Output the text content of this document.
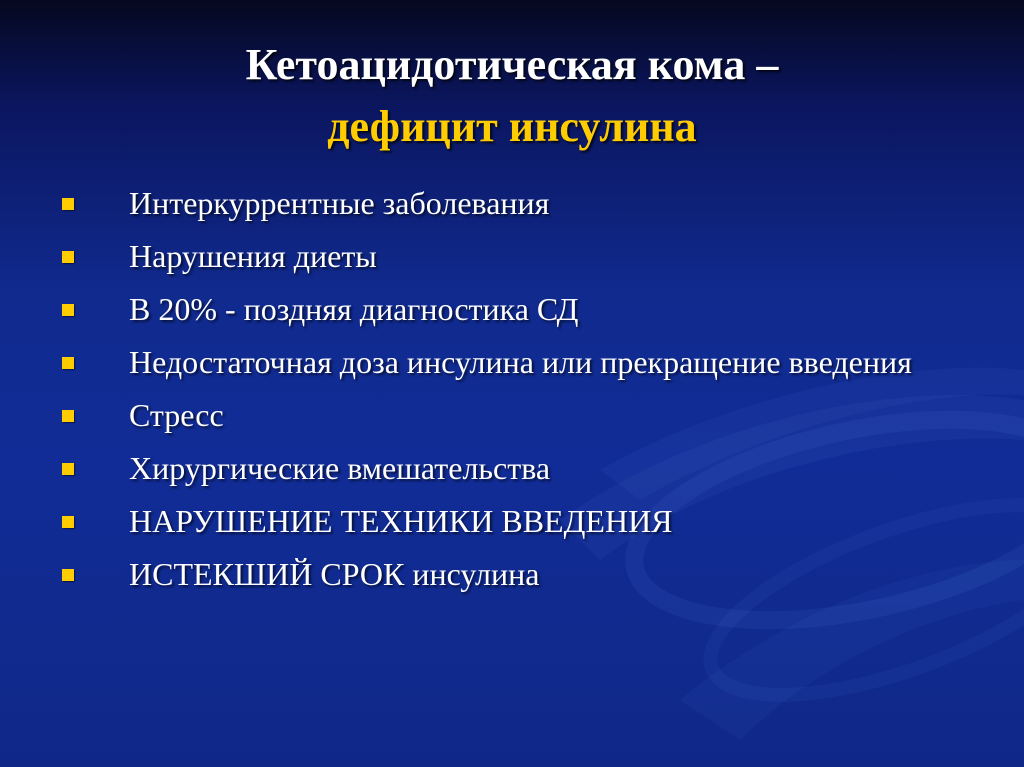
Кетоацидотическая кома –
дефицит инсулина
Интеркуррентные заболевания
Нарушения диеты
В 20% - поздняя диагностика СД
Недостаточная доза инсулина или прекращение введения
Стресс
Хирургические вмешательства
НАРУШЕНИЕ ТЕХНИКИ ВВЕДЕНИЯ
ИСТЕКШИЙ СРОК инсулина
